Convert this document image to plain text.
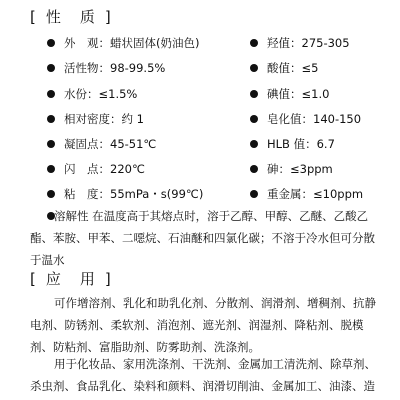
[ 性　质 ]
外　观：蜡状固体(奶油色)	羟值：275-305
活性物：98-99.5%	酸值：≤5
水份：≤1.5%	碘值：≤1.0
相对密度：约 1	皂化值：140-150
凝固点：45-51℃	HLB 值：6.7
闪　点：220℃	砷：≤3ppm
粘　度：55mPa・s(99℃)	重金属：≤10ppm
溶解性 在温度高于其熔点时，溶于乙醇、甲醇、乙醚、乙酸乙酯、苯胺、甲苯、二噁烷、石油醚和四氯化碳；不溶于冷水但可分散于温水
[ 应　用 ]
可作增溶剂、乳化和助乳化剂、分散剂、润滑剂、增稠剂、抗静电剂、防锈剂、柔软剂、消泡剂、遮光剂、润湿剂、降粘剂、脱模剂、防粘剂、富脂助剂、防雾助剂、洗涤剂。
用于化妆品、家用洗涤剂、干洗剂、金属加工清洗剂、除草剂、杀虫剂、食品乳化、染料和颜料、润滑切削油、金属加工、油漆、造
